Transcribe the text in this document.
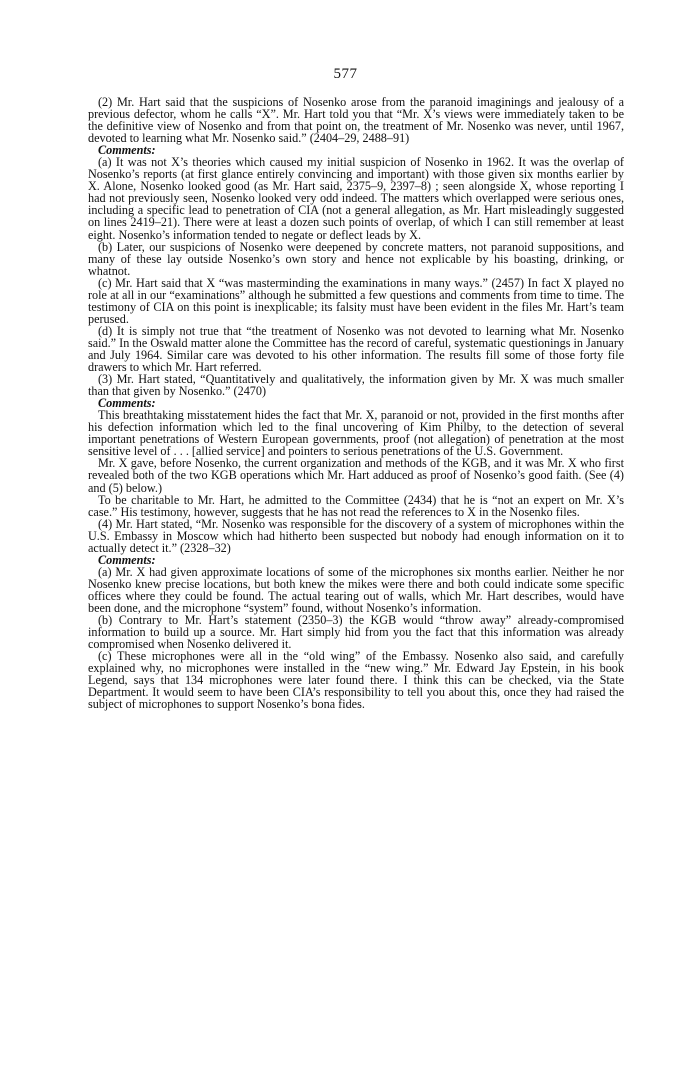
577

(2) Mr. Hart said that the suspicions of Nosenko arose from the paranoid imaginings and jealousy of a previous defector, whom he calls “X”. Mr. Hart told you that “Mr. X’s views were immediately taken to be the definitive view of Nosenko and from that point on, the treatment of Mr. Nosenko was never, until 1967, devoted to learning what Mr. Nosenko said.” (2404–29, 2488–91)

Comments:

(a) It was not X’s theories which caused my initial suspicion of Nosenko in 1962. It was the overlap of Nosenko’s reports (at first glance entirely convincing and important) with those given six months earlier by X. Alone, Nosenko looked good (as Mr. Hart said, 2375–9, 2397–8) ; seen alongside X, whose reporting I had not previously seen, Nosenko looked very odd indeed. The matters which overlapped were serious ones, including a specific lead to penetration of CIA (not a general allegation, as Mr. Hart misleadingly suggested on lines 2419–21). There were at least a dozen such points of overlap, of which I can still remember at least eight. Nosenko’s information tended to negate or deflect leads by X.

(b) Later, our suspicions of Nosenko were deepened by concrete matters, not paranoid suppositions, and many of these lay outside Nosenko’s own story and hence not explicable by his boasting, drinking, or whatnot.

(c) Mr. Hart said that X “was masterminding the examinations in many ways.” (2457) In fact X played no role at all in our “examinations” although he submitted a few questions and comments from time to time. The testimony of CIA on this point is inexplicable; its falsity must have been evident in the files Mr. Hart’s team perused.

(d) It is simply not true that “the treatment of Nosenko was not devoted to learning what Mr. Nosenko said.” In the Oswald matter alone the Committee has the record of careful, systematic questionings in January and July 1964. Similar care was devoted to his other information. The results fill some of those forty file drawers to which Mr. Hart referred.

(3) Mr. Hart stated, “Quantitatively and qualitatively, the information given by Mr. X was much smaller than that given by Nosenko.” (2470)

Comments:

This breathtaking misstatement hides the fact that Mr. X, paranoid or not, provided in the first months after his defection information which led to the final uncovering of Kim Philby, to the detection of several important penetrations of Western European governments, proof (not allegation) of penetration at the most sensitive level of . . . [allied service] and pointers to serious penetrations of the U.S. Government.

Mr. X gave, before Nosenko, the current organization and methods of the KGB, and it was Mr. X who first revealed both of the two KGB operations which Mr. Hart adduced as proof of Nosenko’s good faith. (See (4) and (5) below.)

To be charitable to Mr. Hart, he admitted to the Committee (2434) that he is “not an expert on Mr. X’s case.” His testimony, however, suggests that he has not read the references to X in the Nosenko files.

(4) Mr. Hart stated, “Mr. Nosenko was responsible for the discovery of a system of microphones within the U.S. Embassy in Moscow which had hitherto been suspected but nobody had enough information on it to actually detect it.” (2328–32)

Comments:

(a) Mr. X had given approximate locations of some of the microphones six months earlier. Neither he nor Nosenko knew precise locations, but both knew the mikes were there and both could indicate some specific offices where they could be found. The actual tearing out of walls, which Mr. Hart describes, would have been done, and the microphone “system” found, without Nosenko’s information.

(b) Contrary to Mr. Hart’s statement (2350–3) the KGB would “throw away” already-compromised information to build up a source. Mr. Hart simply hid from you the fact that this information was already compromised when Nosenko delivered it.

(c) These microphones were all in the “old wing” of the Embassy. Nosenko also said, and carefully explained why, no microphones were installed in the “new wing.” Mr. Edward Jay Epstein, in his book Legend, says that 134 microphones were later found there. I think this can be checked, via the State Department. It would seem to have been CIA’s responsibility to tell you about this, once they had raised the subject of microphones to support Nosenko’s bona fides.
